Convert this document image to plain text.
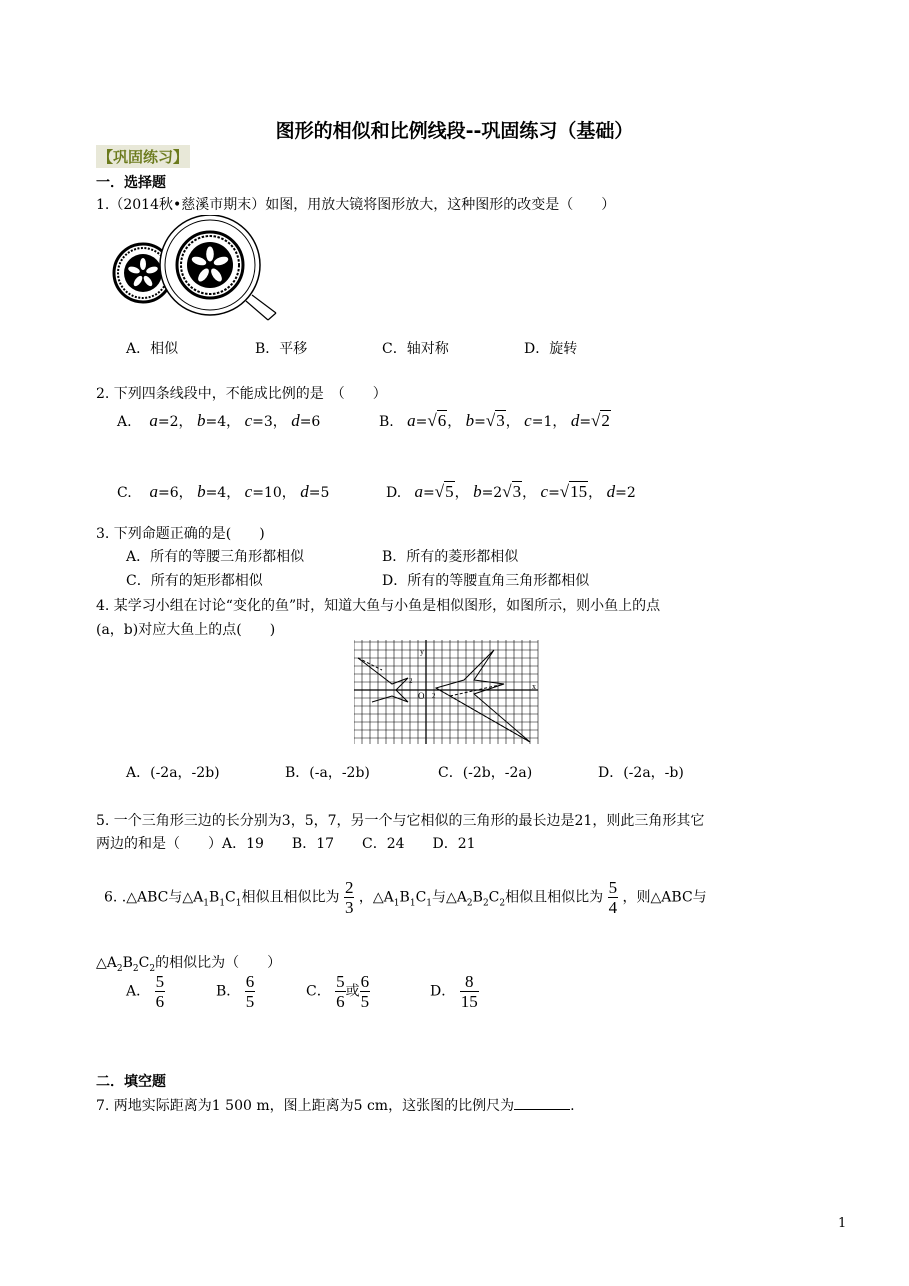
图形的相似和比例线段--巩固练习（基础）
【巩固练习】
一．选择题
1.（2014秋•慈溪市期末）如图，用放大镜将图形放大，这种图形的改变是（　　）
A．相似	B．平移	C．轴对称	D．旋转
2. 下列四条线段中，不能成比例的是　（　　）
A. a=2， b=4， c=3， d=6	B. a=√6， b=√3， c=1， d=√2
C. a=6， b=4， c=10， d=5	D. a=√5， b=2√3， c=√15， d=2
3. 下列命题正确的是(　　)
A．所有的等腰三角形都相似	B．所有的菱形都相似
C．所有的矩形都相似	D．所有的等腰直角三角形都相似
4. 某学习小组在讨论“变化的鱼”时，知道大鱼与小鱼是相似图形，如图所示，则小鱼上的点
(a，b)对应大鱼上的点(　　)
y
x
O
2
2
A．(-2a，-2b)	B．(-a，-2b)	C．(-2b，-2a)	D．(-2a，-b)
5. 一个三角形三边的长分别为3，5，7，另一个与它相似的三角形的最长边是21，则此三角形其它
两边的和是（　　）A．19　　B．17　　C．24　　D．21
6. .△ABC与$\triangle A_1B_1C_1$相似且相似比为 $\frac{2}{3}$ ，$\triangle A_1B_1C_1$与$\triangle A_2B_2C_2$相似且相似比为 $\frac{5}{4}$ ，则△ABC与
$\triangle A_2B_2C_2$的相似比为（　　）
A． $\frac{5}{6}$	B． $\frac{6}{5}$	C． $\frac{5}{6}$ 或 $\frac{6}{5}$	D． $\frac{8}{15}$
二．填空题
7. 两地实际距离为1 500 m，图上距离为5 cm，这张图的比例尺为	.
1
